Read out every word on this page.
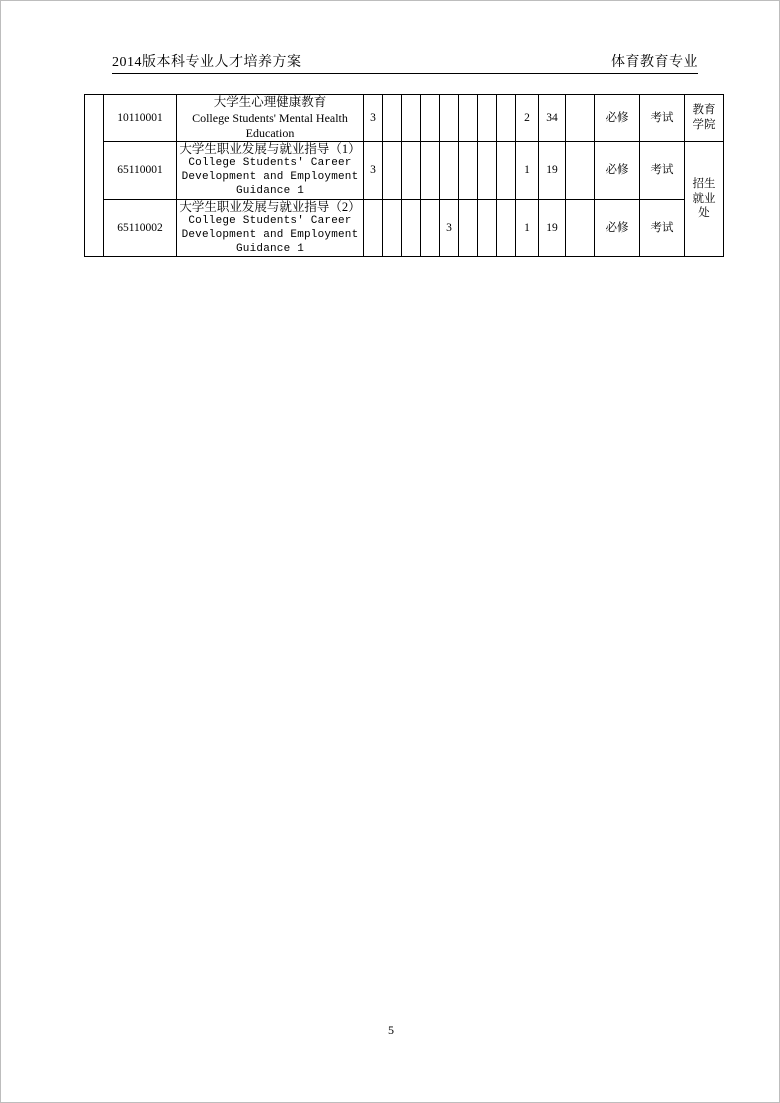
2014版本科专业人才培养方案	体育教育专业
	10110001	大学生心理健康教育
College Students' Mental Health
Education	3								2	34		必修	考试	教育
学院

	65110001	大学生职业发展与就业指导（1）
College Students' Career
Development and Employment
Guidance 1	3								1	19		必修	考试	招生
就业
处

	65110002	大学生职业发展与就业指导（2）
College Students' Career
Development and Employment
Guidance 1					3				1	19		必修	考试	
5
